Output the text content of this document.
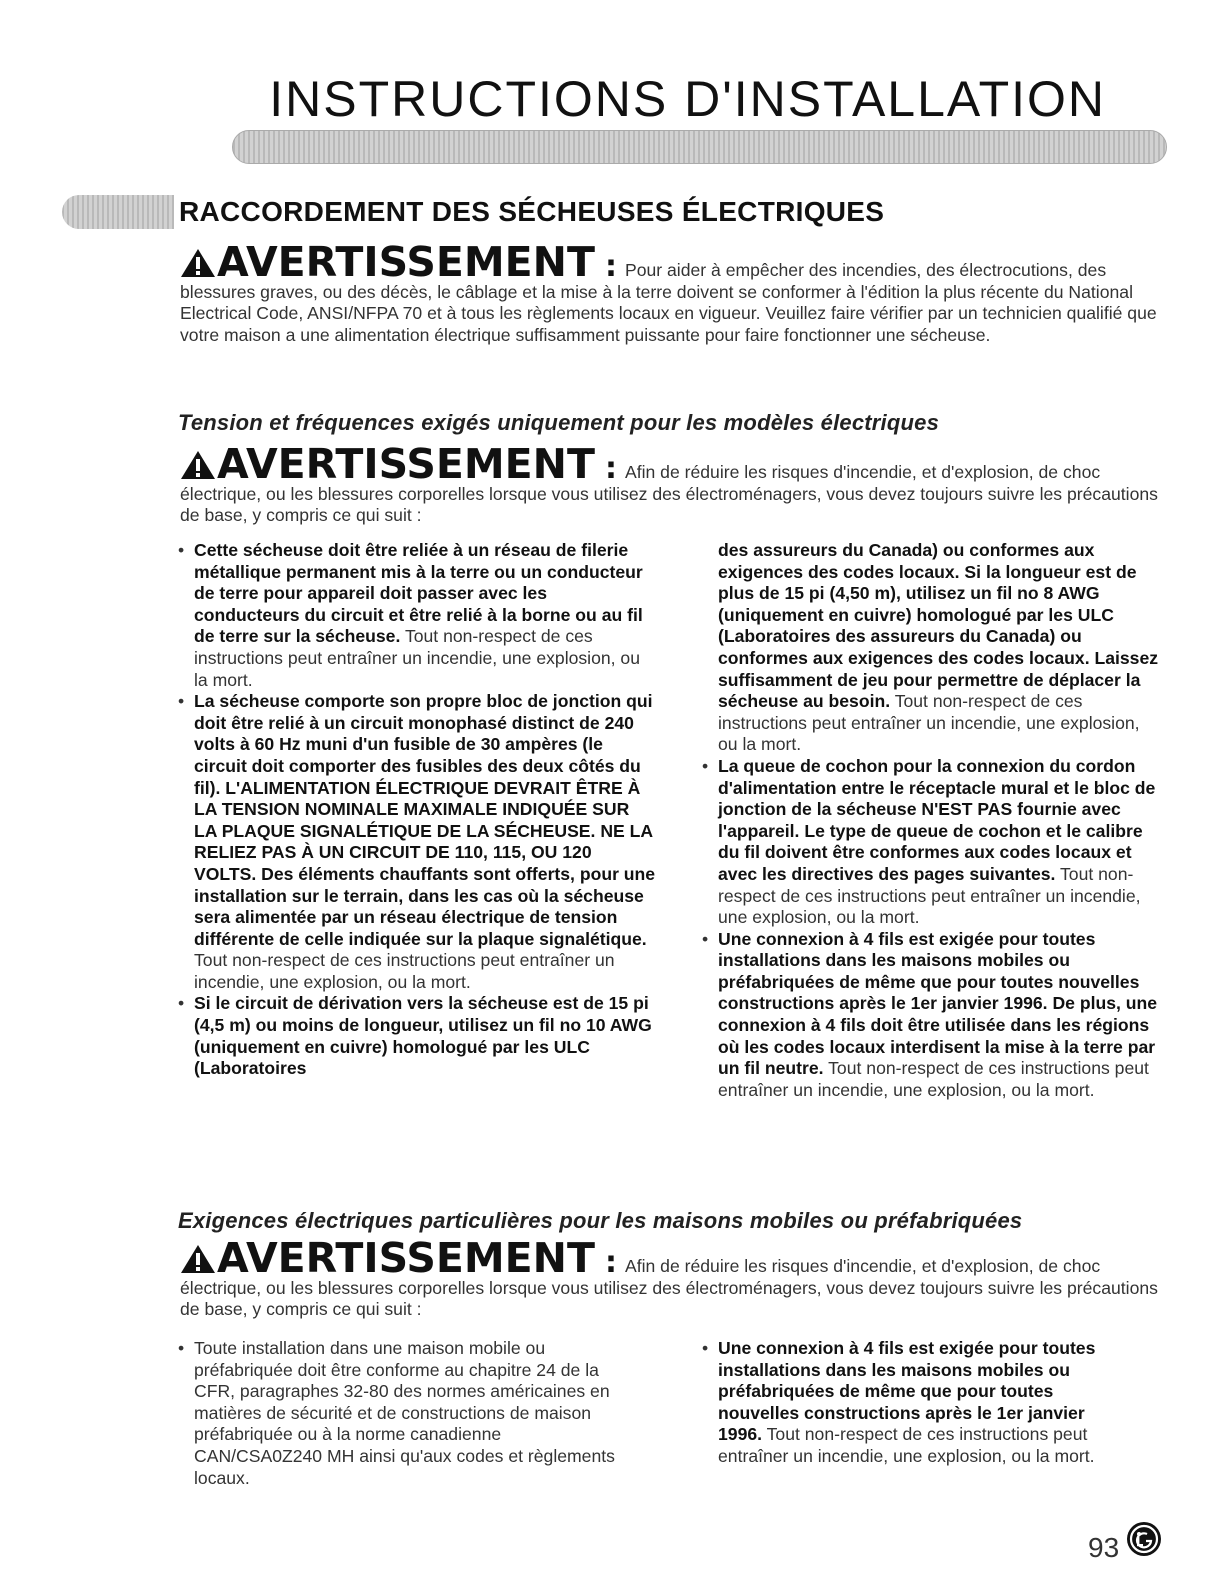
INSTRUCTIONS D'INSTALLATION
RACCORDEMENT DES SÉCHEUSES ÉLECTRIQUES
AVERTISSEMENT : Pour aider à empêcher des incendies, des électrocutions, des blessures graves, ou des décès, le câblage et la mise à la terre doivent se conformer à l'édition la plus récente du National Electrical Code, ANSI/NFPA 70 et à tous les règlements locaux en vigueur. Veuillez faire vérifier par un technicien qualifié que votre maison a une alimentation électrique suffisamment puissante pour faire fonctionner une sécheuse.
Tension et fréquences exigés uniquement pour les modèles électriques
AVERTISSEMENT : Afin de réduire les risques d'incendie, et d'explosion, de choc électrique, ou les blessures corporelles lorsque vous utilisez des électroménagers, vous devez toujours suivre les précautions de base, y compris ce qui suit :
• Cette sécheuse doit être reliée à un réseau de filerie métallique permanent mis à la terre ou un conducteur de terre pour appareil doit passer avec les conducteurs du circuit et être relié à la borne ou au fil de terre sur la sécheuse. Tout non-respect de ces instructions peut entraîner un incendie, une explosion, ou la mort.
• La sécheuse comporte son propre bloc de jonction qui doit être relié à un circuit monophasé distinct de 240 volts à 60 Hz muni d'un fusible de 30 ampères (le circuit doit comporter des fusibles des deux côtés du fil). L'ALIMENTATION ÉLECTRIQUE DEVRAIT ÊTRE À LA TENSION NOMINALE MAXIMALE INDIQUÉE SUR LA PLAQUE SIGNALÉTIQUE DE LA SÉCHEUSE. NE LA RELIEZ PAS À UN CIRCUIT DE 110, 115, OU 120 VOLTS. Des éléments chauffants sont offerts, pour une installation sur le terrain, dans les cas où la sécheuse sera alimentée par un réseau électrique de tension différente de celle indiquée sur la plaque signalétique. Tout non-respect de ces instructions peut entraîner un incendie, une explosion, ou la mort.
• Si le circuit de dérivation vers la sécheuse est de 15 pi (4,5 m) ou moins de longueur, utilisez un fil no 10 AWG (uniquement en cuivre) homologué par les ULC (Laboratoires
des assureurs du Canada) ou conformes aux exigences des codes locaux. Si la longueur est de plus de 15 pi (4,50 m), utilisez un fil no 8 AWG (uniquement en cuivre) homologué par les ULC (Laboratoires des assureurs du Canada) ou conformes aux exigences des codes locaux. Laissez suffisamment de jeu pour permettre de déplacer la sécheuse au besoin. Tout non-respect de ces instructions peut entraîner un incendie, une explosion, ou la mort.
• La queue de cochon pour la connexion du cordon d'alimentation entre le réceptacle mural et le bloc de jonction de la sécheuse N'EST PAS fournie avec l'appareil. Le type de queue de cochon et le calibre du fil doivent être conformes aux codes locaux et avec les directives des pages suivantes. Tout non-respect de ces instructions peut entraîner un incendie, une explosion, ou la mort.
• Une connexion à 4 fils est exigée pour toutes installations dans les maisons mobiles ou préfabriquées de même que pour toutes nouvelles constructions après le 1er janvier 1996. De plus, une connexion à 4 fils doit être utilisée dans les régions où les codes locaux interdisent la mise à la terre par un fil neutre. Tout non-respect de ces instructions peut entraîner un incendie, une explosion, ou la mort.
Exigences électriques particulières pour les maisons mobiles ou préfabriquées
AVERTISSEMENT : Afin de réduire les risques d'incendie, et d'explosion, de choc électrique, ou les blessures corporelles lorsque vous utilisez des électroménagers, vous devez toujours suivre les précautions de base, y compris ce qui suit :
• Toute installation dans une maison mobile ou préfabriquée doit être conforme au chapitre 24 de la CFR, paragraphes 32-80 des normes américaines en matières de sécurité et de constructions de maison préfabriquée ou à la norme canadienne CAN/CSA0Z240 MH ainsi qu'aux codes et règlements locaux.
• Une connexion à 4 fils est exigée pour toutes installations dans les maisons mobiles ou préfabriquées de même que pour toutes nouvelles constructions après le 1er janvier 1996. Tout non-respect de ces instructions peut entraîner un incendie, une explosion, ou la mort.
93
